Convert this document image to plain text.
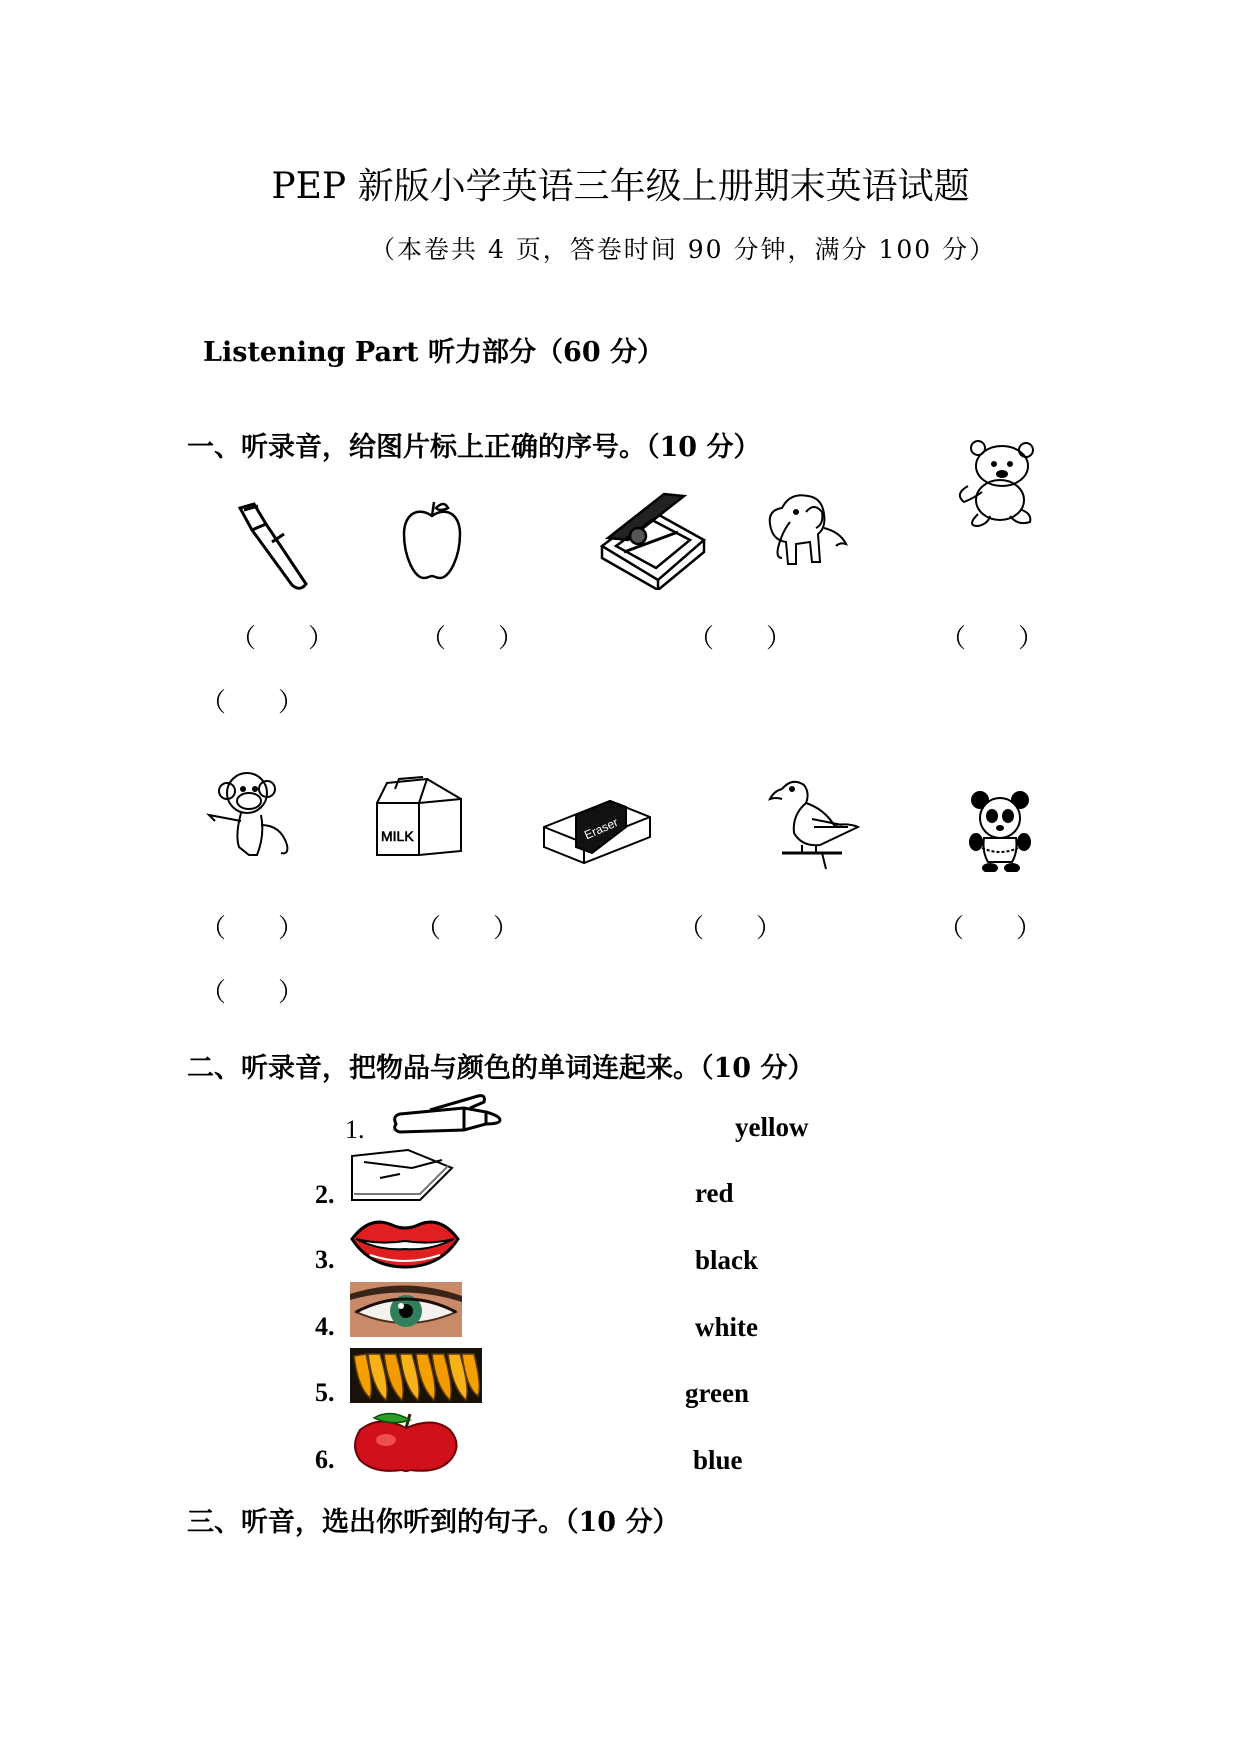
PEP 新版小学英语三年级上册期末英语试题
（本卷共 4 页，答卷时间 90 分钟，满分 100 分）
Listening Part 听力部分（60 分）
一、听录音，给图片标上正确的序号。（10 分）
（　　）	（　　）	（　　）	（　　）
（　　）
MILK	Eraser
（　　）	（　　）	（　　）	（　　）
（　　）
二、听录音，把物品与颜色的单词连起来。（10 分）
1.	yellow
2.	red
3.	black
4.	white
5.	green
6.	blue
三、听音，选出你听到的句子。（10 分）
